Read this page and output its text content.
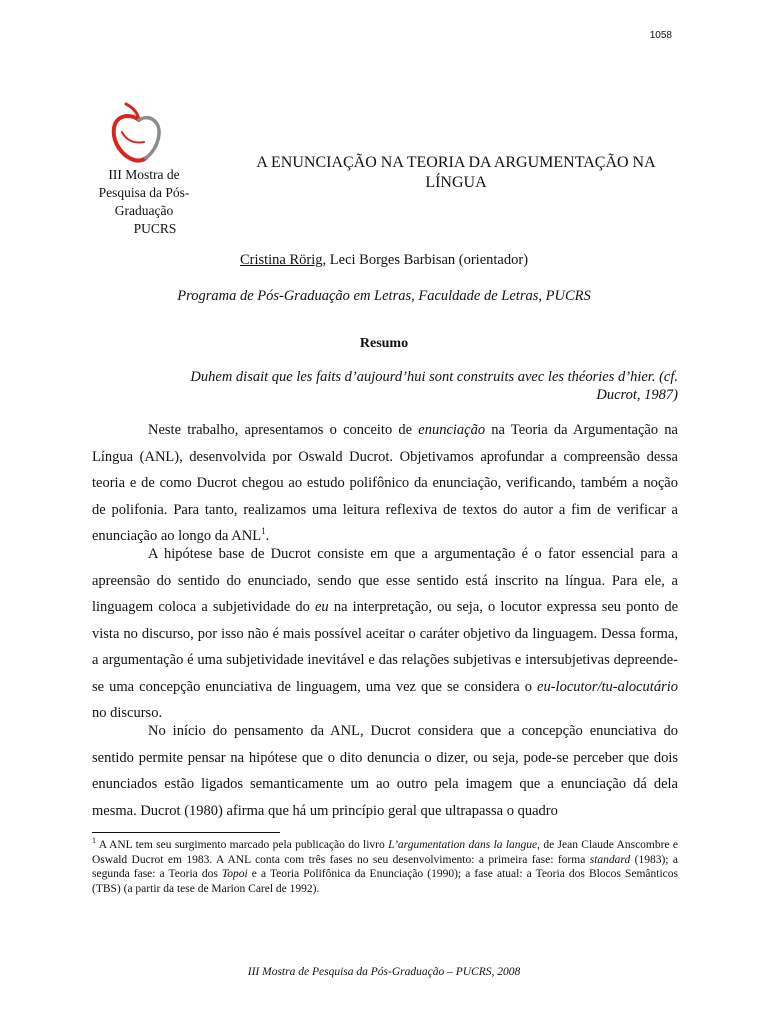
1058
III Mostra de
Pesquisa da Pós-
Graduação
PUCRS
A ENUNCIAÇÃO NA TEORIA DA ARGUMENTAÇÃO NA
LÍNGUA
Cristina Rörig, Leci Borges Barbisan (orientador)
Programa de Pós-Graduação em Letras, Faculdade de Letras, PUCRS
Resumo
Duhem disait que les faits d’aujourd’hui sont construits avec les théories d’hier. (cf.
Ducrot, 1987)

Neste trabalho, apresentamos o conceito de enunciação na Teoria da Argumentação na Língua (ANL), desenvolvida por Oswald Ducrot. Objetivamos aprofundar a compreensão dessa teoria e de como Ducrot chegou ao estudo polifônico da enunciação, verificando, também a noção de polifonia. Para tanto, realizamos uma leitura reflexiva de textos do autor a fim de verificar a enunciação ao longo da ANL$^1$.

A hipótese base de Ducrot consiste em que a argumentação é o fator essencial para a apreensão do sentido do enunciado, sendo que esse sentido está inscrito na língua. Para ele, a linguagem coloca a subjetividade do eu na interpretação, ou seja, o locutor expressa seu ponto de vista no discurso, por isso não é mais possível aceitar o caráter objetivo da linguagem. Dessa forma, a argumentação é uma subjetividade inevitável e das relações subjetivas e intersubjetivas depreende-se uma concepção enunciativa de linguagem, uma vez que se considera o eu-locutor/tu-alocutário no discurso.

No início do pensamento da ANL, Ducrot considera que a concepção enunciativa do sentido permite pensar na hipótese que o dito denuncia o dizer, ou seja, pode-se perceber que dois enunciados estão ligados semanticamente um ao outro pela imagem que a enunciação dá dela mesma. Ducrot (1980) afirma que há um princípio geral que ultrapassa o quadro

$^1$ A ANL tem seu surgimento marcado pela publicação do livro L’argumentation dans la langue, de Jean Claude Anscombre e Oswald Ducrot em 1983. A ANL conta com três fases no seu desenvolvimento: a primeira fase: forma standard (1983); a segunda fase: a Teoria dos Topoi e a Teoria Polifônica da Enunciação (1990); a fase atual: a Teoria dos Blocos Semânticos (TBS) (a partir da tese de Marion Carel de 1992).

III Mostra de Pesquisa da Pós-Graduação – PUCRS, 2008
